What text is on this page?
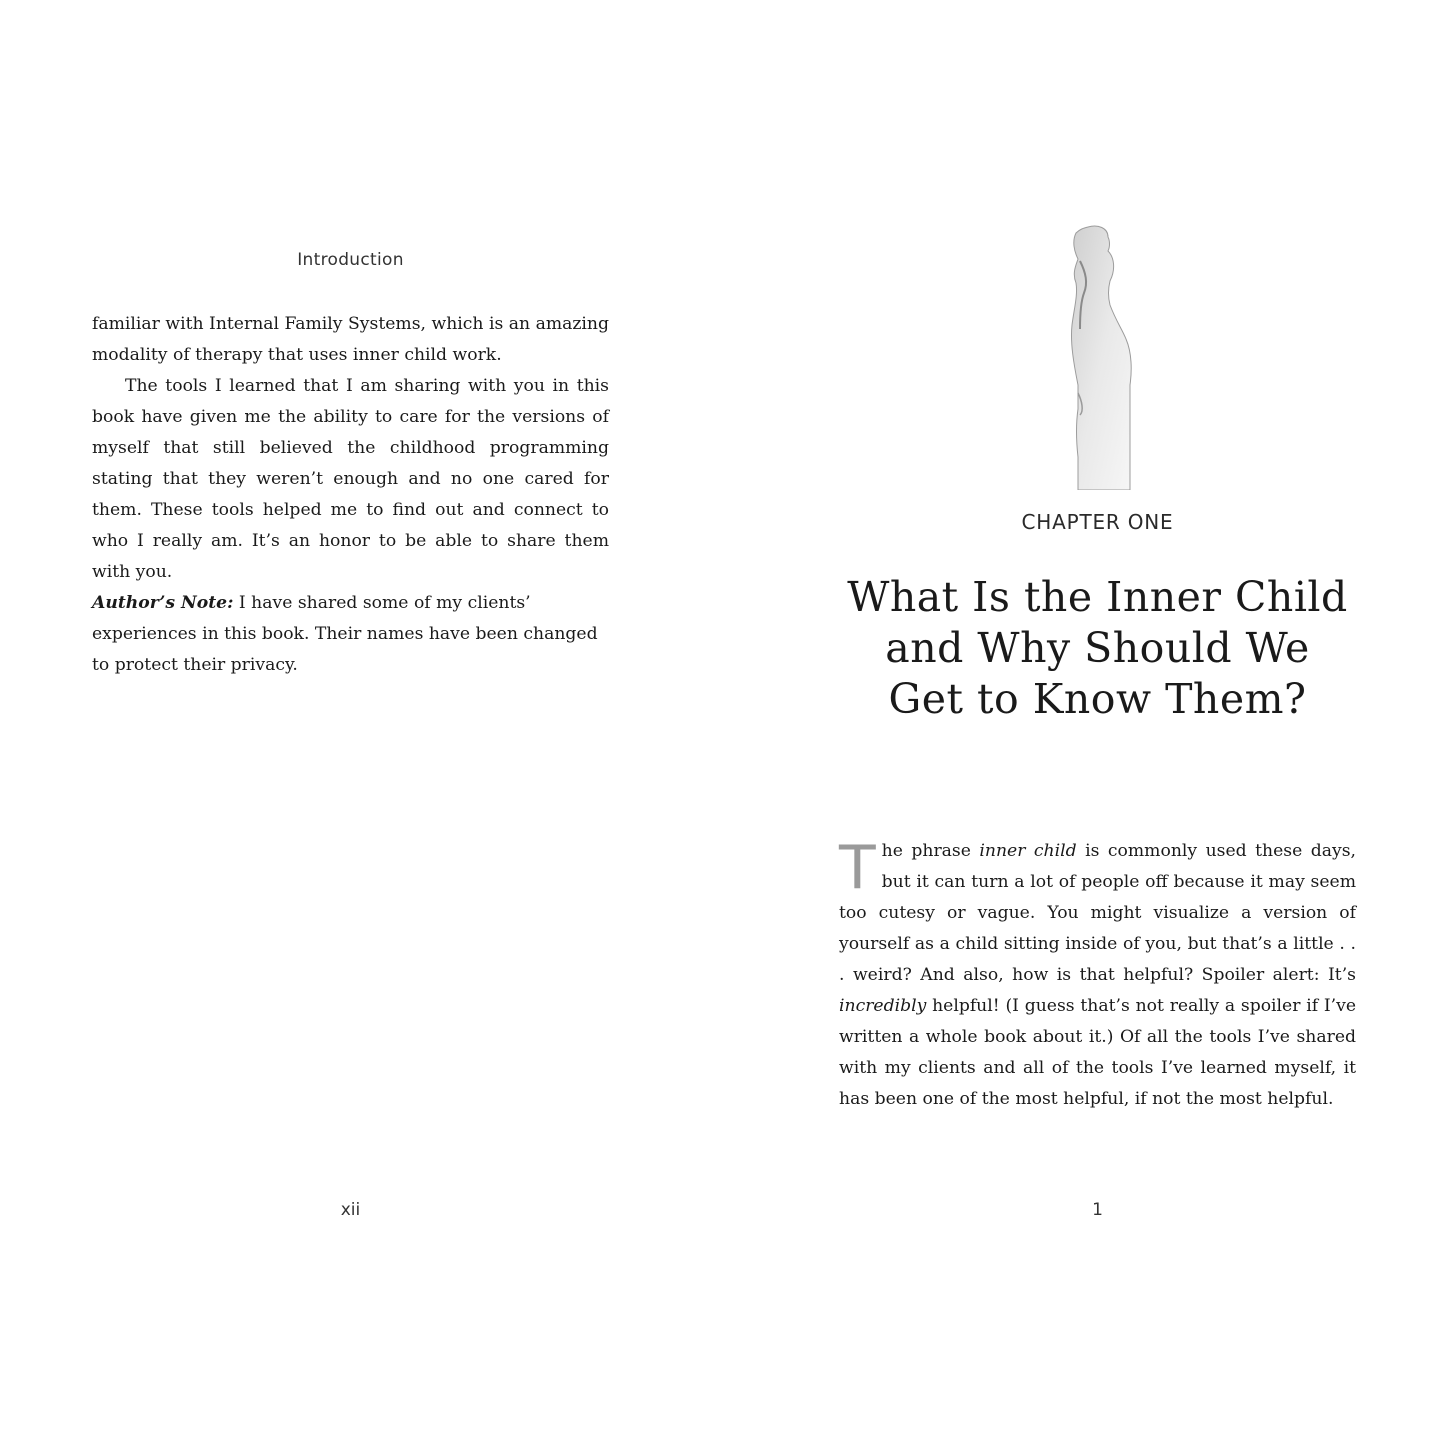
Introduction

familiar with Internal Family Systems, which is an amazing modality of therapy that uses inner child work.

The tools I learned that I am sharing with you in this book have given me the ability to care for the versions of myself that still believed the childhood programming stating that they weren’t enough and no one cared for them. These tools helped me to find out and connect to who I really am. It’s an honor to be able to share them with you.

Author’s Note: I have shared some of my clients’ experiences in this book. Their names have been changed to protect their privacy.

xii
CHAPTER ONE
What Is the Inner Child
and Why Should We
Get to Know Them?

The phrase inner child is commonly used these days, but it can turn a lot of people off because it may seem too cutesy or vague. You might visualize a version of yourself as a child sitting inside of you, but that’s a little . . . weird? And also, how is that helpful? Spoiler alert: It’s incredibly helpful! (I guess that’s not really a spoiler if I’ve written a whole book about it.) Of all the tools I’ve shared with my clients and all of the tools I’ve learned myself, it has been one of the most helpful, if not the most helpful.

1
